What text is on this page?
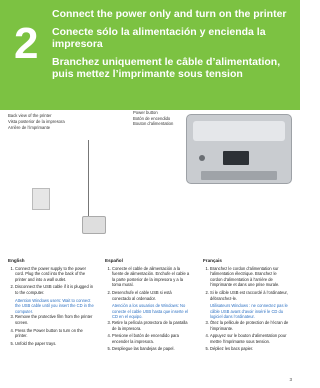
2
Connect the power only and turn on the printer
Conecte sólo la alimentación y encienda la impresora
Branchez uniquement le câble d’alimentation, puis mettez l’imprimante sous tension
Back view of the printer
Vista posterior de la impresora
Arrière de l’imprimante
Power button
Botón de encendido
Bouton d’alimentation
English
1. Connect the power supply to the power cord. Plug the cord into the back of the printer and into a wall outlet.
2. Disconnect the USB cable if it is plugged in to the computer.
Attention Windows users: Wait to connect the USB cable until you insert the CD in the computer.
3. Remove the protective film from the printer screen.
4. Press the Power button to turn on the printer.
5. Unfold the paper trays.
Español
1. Conecte el cable de alimentación a la fuente de alimentación. Enchufe el cable a la parte posterior de la impresora y a la toma mural.
2. Desenchufe el cable USB si está conectado al ordenador.
Atención a los usuarios de Windows: No conecte el cable USB hasta que inserte el CD en el equipo.
3. Retire la película protectora de la pantalla de la impresora.
4. Presione el botón de encendido para encender la impresora.
5. Despliegue las bandejas de papel.
Français
1. Branchez le cordon d’alimentation sur l’alimentation électrique. Branchez le cordon d’alimentation à l’arrière de l’imprimante et dans une prise murale.
2. Si le câble USB est raccordé à l’ordinateur, débranchez-le.
Utilisateurs Windows : ne connectez pas le câble USB avant d’avoir inséré le CD du logiciel dans l’ordinateur.
3. Ôtez la pellicule de protection de l’écran de l’imprimante.
4. Appuyez sur le bouton d’alimentation pour mettre l’imprimante sous tension.
5. Dépliez les bacs papier.
3
